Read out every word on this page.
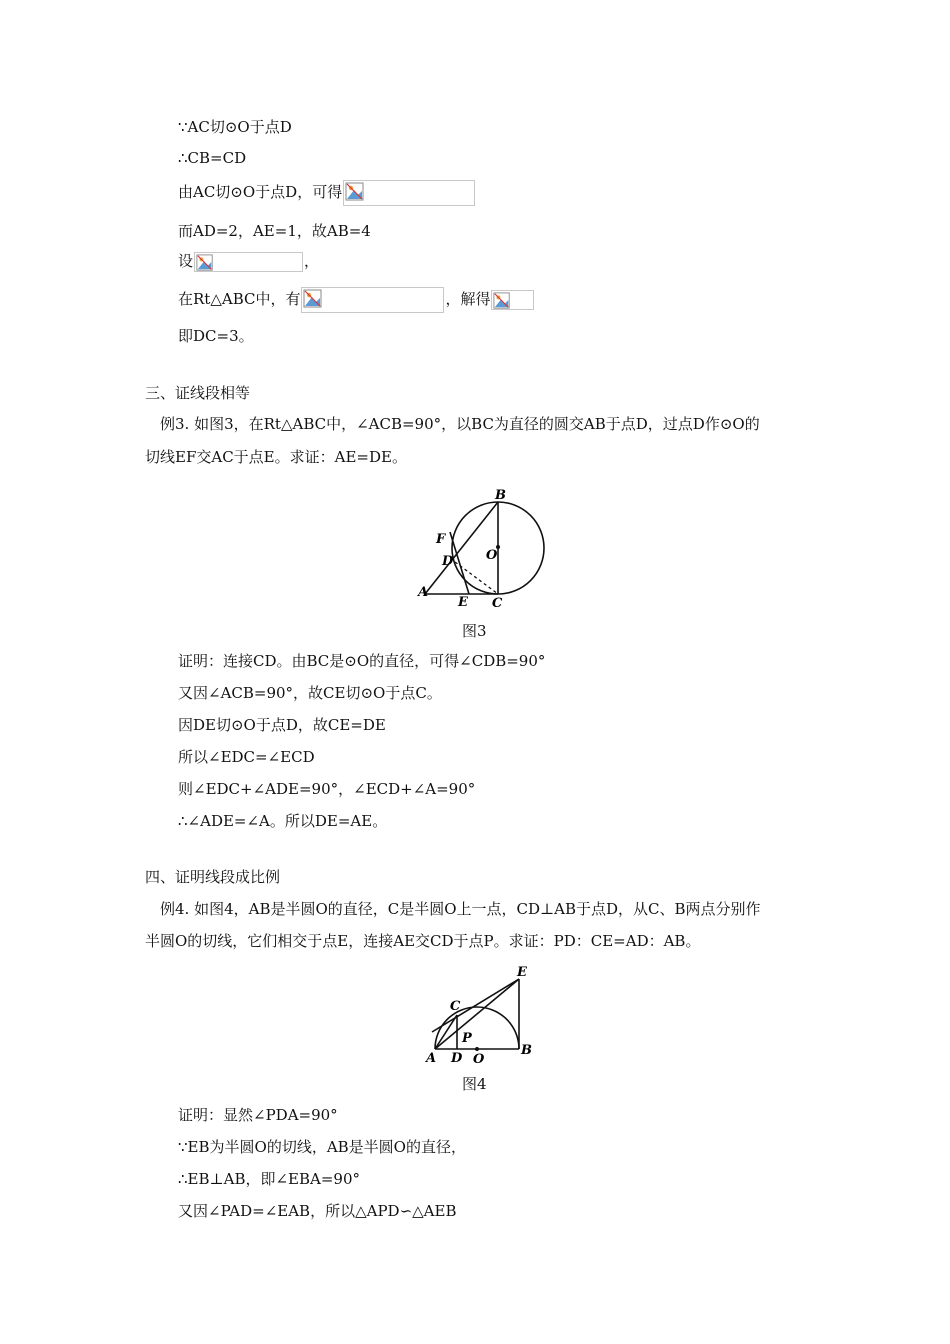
∵AC切⊙O于点D
∴CB=CD
由AC切⊙O于点D，可得
而AD=2，AE=1，故AB=4
设	，
在Rt△ABC中，有	，解得
即DC=3。
三、证线段相等
例3. 如图3，在Rt△ABC中，∠ACB=90°，以BC为直径的圆交AB于点D，过点D作⊙O的
切线EF交AC于点E。求证：AE=DE。
B
O
F
D
A
E C
图3
证明：连接CD。由BC是⊙O的直径，可得∠CDB=90°
又因∠ACB=90°，故CE切⊙O于点C。
因DE切⊙O于点D，故CE=DE
所以∠EDC=∠ECD
则∠EDC+∠ADE=90°，∠ECD+∠A=90°
∴∠ADE=∠A。所以DE=AE。
四、证明线段成比例
例4. 如图4，AB是半圆O的直径，C是半圆O上一点，CD⊥AB于点D，从C、B两点分别作
半圆O的切线，它们相交于点E，连接AE交CD于点P。求证：PD：CE=AD：AB。
E
C
P
A D O
B
图4
证明：显然∠PDA=90°
∵EB为半圆O的切线，AB是半圆O的直径，
∴EB⊥AB，即∠EBA=90°
又因∠PAD=∠EAB，所以△APD∽△AEB
